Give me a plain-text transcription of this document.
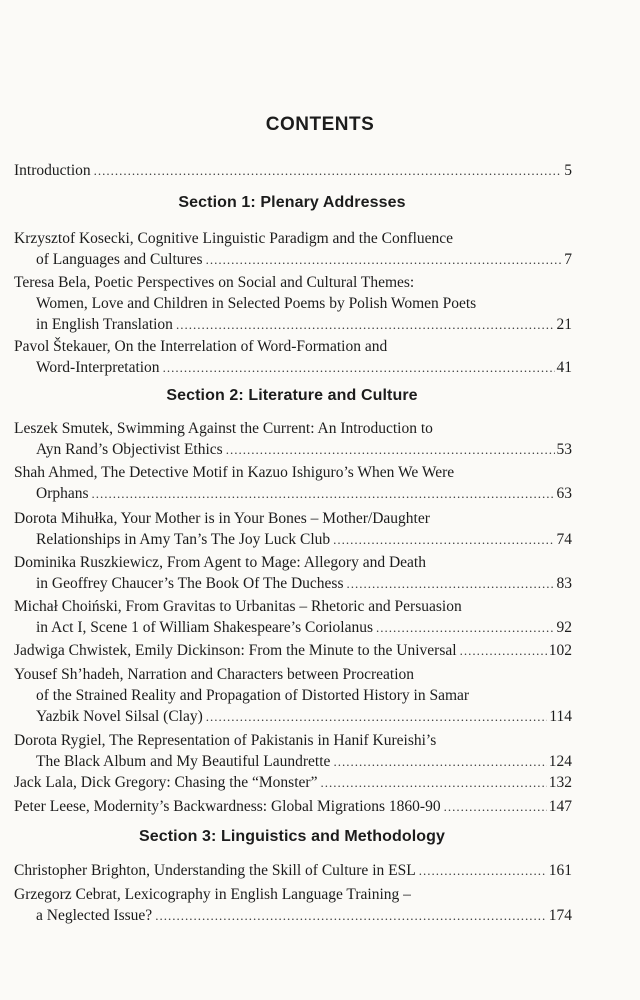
CONTENTS
Introduction .....	5
Section 1: Plenary Addresses
Krzysztof Kosecki, Cognitive Linguistic Paradigm and the Confluence
of Languages and Cultures .....	7
Teresa Bela, Poetic Perspectives on Social and Cultural Themes:
Women, Love and Children in Selected Poems by Polish Women Poets
in English Translation .....	21
Pavol Štekauer, On the Interrelation of Word-Formation and
Word-Interpretation .....	41
Section 2: Literature and Culture
Leszek Smutek, Swimming Against the Current: An Introduction to
Ayn Rand’s Objectivist Ethics .....	53
Shah Ahmed, The Detective Motif in Kazuo Ishiguro’s When We Were
Orphans .....	63
Dorota Mihułka, Your Mother is in Your Bones – Mother/Daughter
Relationships in Amy Tan’s The Joy Luck Club .....	74
Dominika Ruszkiewicz, From Agent to Mage: Allegory and Death
in Geoffrey Chaucer’s The Book Of The Duchess .....	83
Michał Choiński, From Gravitas to Urbanitas – Rhetoric and Persuasion
in Act I, Scene 1 of William Shakespeare’s Coriolanus .....	92
Jadwiga Chwistek, Emily Dickinson: From the Minute to the Universal .....	102
Yousef Sh’hadeh, Narration and Characters between Procreation
of the Strained Reality and Propagation of Distorted History in Samar
Yazbik Novel Silsal (Clay) .....	114
Dorota Rygiel, The Representation of Pakistanis in Hanif Kureishi’s
The Black Album and My Beautiful Laundrette .....	124
Jack Lala, Dick Gregory: Chasing the “Monster” .....	132
Peter Leese, Modernity’s Backwardness: Global Migrations 1860-90 .....	147
Section 3: Linguistics and Methodology
Christopher Brighton, Understanding the Skill of Culture in ESL .....	161
Grzegorz Cebrat, Lexicography in English Language Training –
a Neglected Issue? .....	174
